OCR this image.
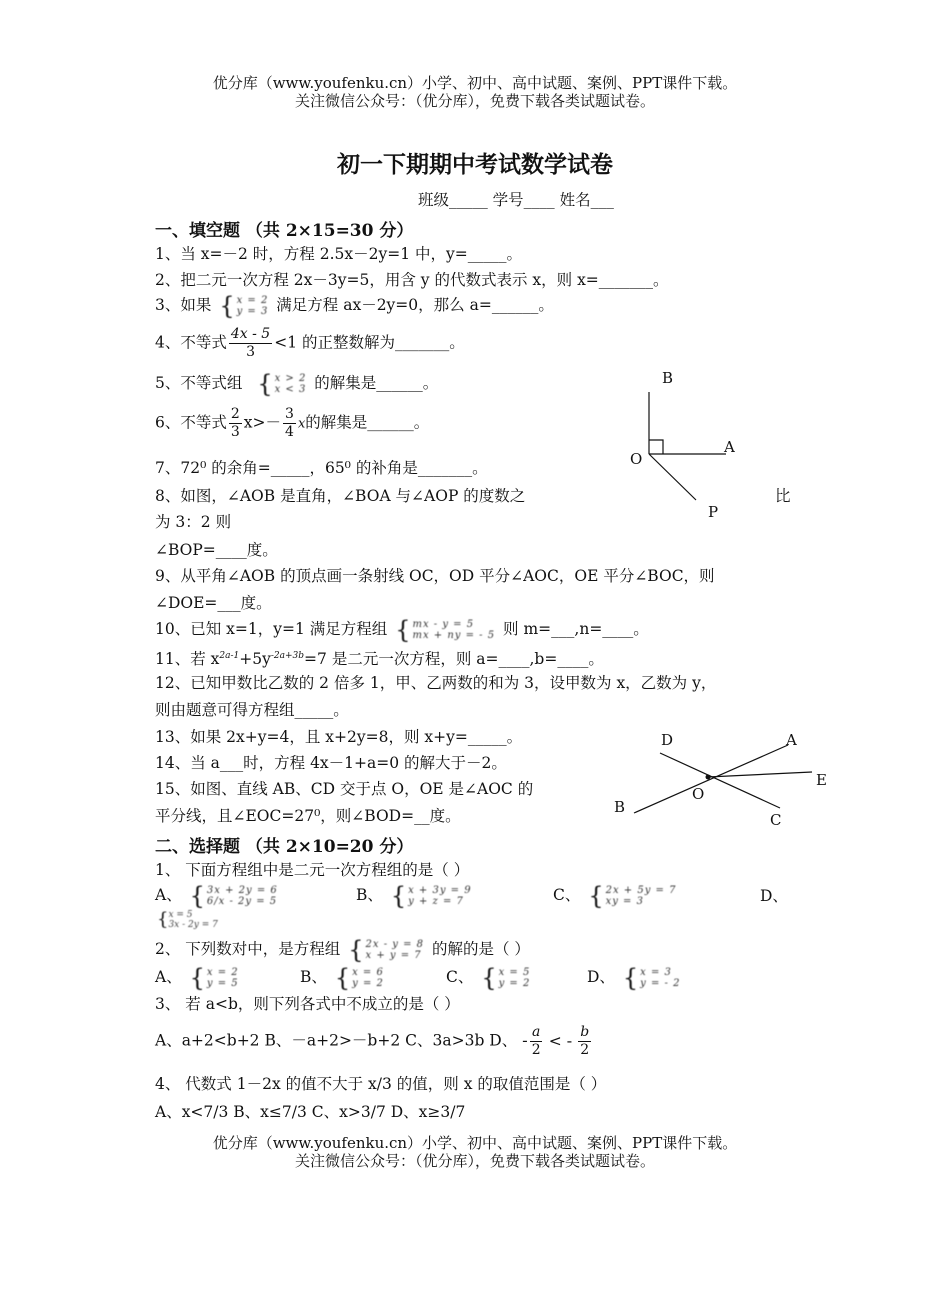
优分库（www.youfenku.cn）小学、初中、高中试题、案例、PPT课件下载。
关注微信公众号：（优分库），免费下载各类试题试卷。
初一下期期中考试数学试卷
班级_____ 学号____ 姓名___
一、填空题 （共 2×15=30 分）
1、当 x=－2 时，方程 2.5x－2y=1 中，y=_____。
2、把二元一次方程 2x－3y=5，用含 y 的代数式表示 x，则 x=_______。
3、如果 { x = 2
y = 3 满足方程 ax－2y=0，那么 a=______。
4、不等式 $\frac{4x - 5}{3} <1$ 的正整数解为_______。
5、不等式组 { x > 2
x < 3 的解集是______。
6、不等式 $\frac{2}{3} x>- \frac{3}{4}$ x的解集是______。
7、72⁰ 的余角=_____，65⁰ 的补角是_______。
8、如图，∠AOB 是直角，∠BOA 与∠AOP 的度数之	比
为 3：2 则
∠BOP=____度。
9、从平角∠AOB 的顶点画一条射线 OC，OD 平分∠AOC，OE 平分∠BOC，则
∠DOE=___度。
10、已知 x=1，y=1 满足方程组 { mx - y = 5
mx + ny = - 5 则 m=___,n=____。
11、若 $x^{2a-1}+5y^{-2a+3b}=7$ 是二元一次方程，则 a=____,b=____。
12、已知甲数比乙数的 2 倍多 1，甲、乙两数的和为 3，设甲数为 x，乙数为 y，
则由题意可得方程组_____。
13、如果 2x+y=4，且 x+2y=8，则 x+y=_____。
14、当 a___时，方程 4x－1+a=0 的解大于－2。
15、如图、直线 AB、CD 交于点 O，OE 是∠AOC 的
平分线，且∠EOC=27⁰，则∠BOD=__度。
B
A
O
P
D	A
E
O
B
C
二、选择题 （共 2×10=20 分）
1、 下面方程组中是二元一次方程组的是（ ）
A、 { 3x + 2y = 6
6/x - 2y = 5	B、 { x + 3y = 9
y + z = 7	C、 { 2x + 5y = 7
xy = 3	D、
{ x = 5
3x - 2y = 7
2、 下列数对中，是方程组 { 2x - y = 8
x + y = 7 的解的是（ ）
A、 { x = 2
y = 5	B、 { x = 6
y = 2	C、 { x = 5
y = 2	D、 { x = 3
y = - 2
3、 若 a<b，则下列各式中不成立的是（ ）
A、a+2<b+2 B、－a+2>－b+2 C、3a>3b D、 - $\frac{a}{2}$ < - $\frac{b}{2}$
4、 代数式 1－2x 的值不大于 x/3 的值，则 x 的取值范围是（ ）
A、x<7/3 B、x≤7/3 C、x>3/7 D、x≥3/7
优分库（www.youfenku.cn）小学、初中、高中试题、案例、PPT课件下载。
关注微信公众号：（优分库），免费下载各类试题试卷。
